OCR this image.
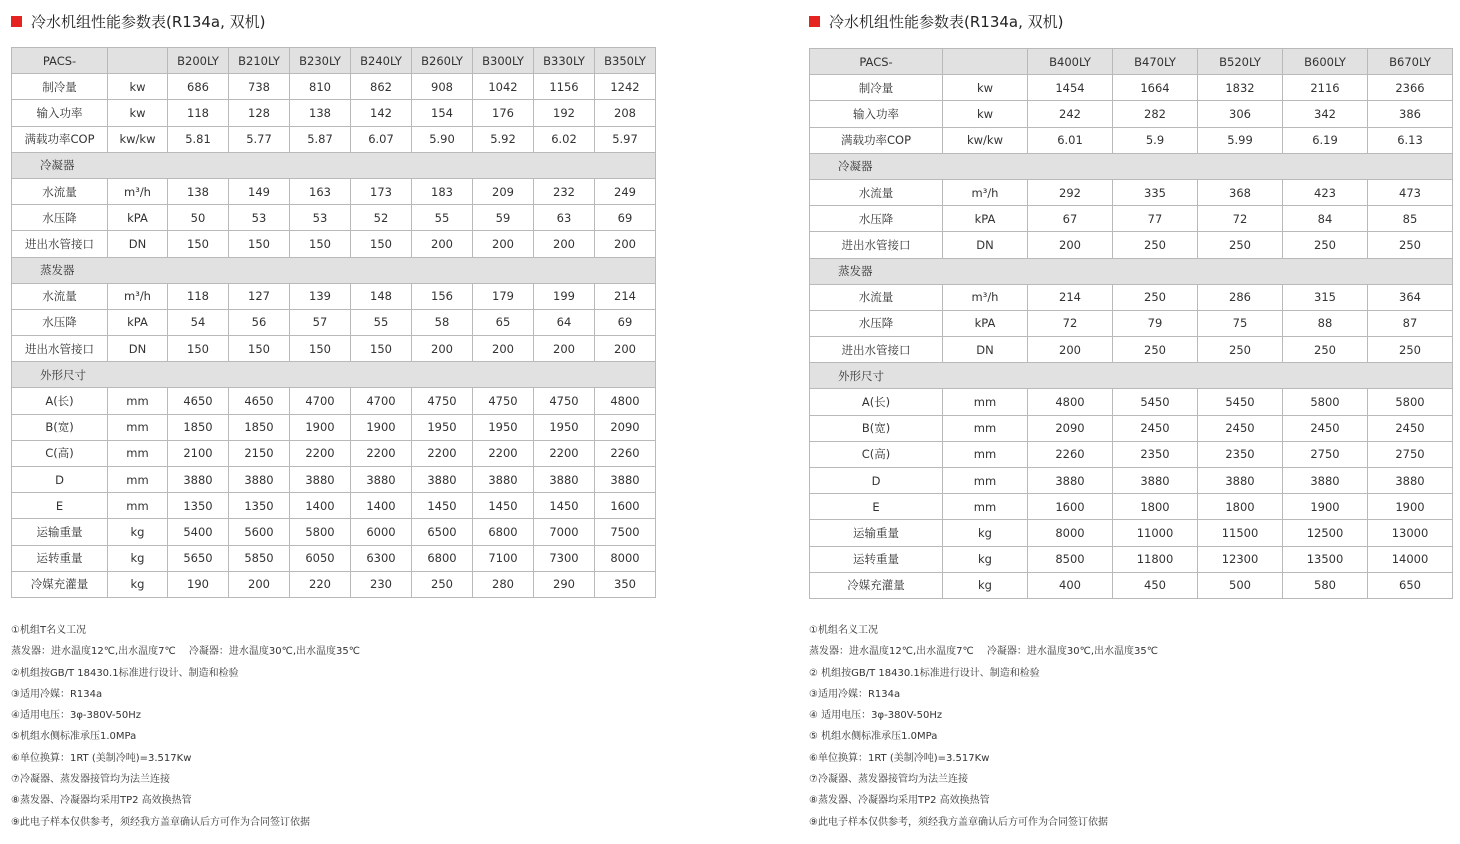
冷水机组性能参数表(R134a, 双机)
PACS-		B200LY	B210LY	B230LY	B240LY	B260LY	B300LY	B330LY	B350LY
制冷量	kw	686	738	810	862	908	1042	1156	1242
输入功率	kw	118	128	138	142	154	176	192	208
满载功率COP	kw/kw	5.81	5.77	5.87	6.07	5.90	5.92	6.02	5.97
冷凝器									
水流量	m³/h	138	149	163	173	183	209	232	249
水压降	kPA	50	53	53	52	55	59	63	69
进出水管接口	DN	150	150	150	150	200	200	200	200
蒸发器									
水流量	m³/h	118	127	139	148	156	179	199	214
水压降	kPA	54	56	57	55	58	65	64	69
进出水管接口	DN	150	150	150	150	200	200	200	200
外形尺寸									
A(长)	mm	4650	4650	4700	4700	4750	4750	4750	4800
B(宽)	mm	1850	1850	1900	1900	1950	1950	1950	2090
C(高)	mm	2100	2150	2200	2200	2200	2200	2200	2260
D	mm	3880	3880	3880	3880	3880	3880	3880	3880
E	mm	1350	1350	1400	1400	1450	1450	1450	1600
运输重量	kg	5400	5600	5800	6000	6500	6800	7000	7500
运转重量	kg	5650	5850	6050	6300	6800	7100	7300	8000
冷媒充灌量	kg	190	200	220	230	250	280	290	350
①机组T名义工况
蒸发器：进水温度12℃,出水温度7℃　 冷凝器：进水温度30℃,出水温度35℃
②机组按GB/T 18430.1标准进行设计、制造和检验
③适用冷媒：R134a
④适用电压：3φ-380V-50Hz
⑤机组水侧标准承压1.0MPa
⑥单位换算：1RT (美制冷吨)=3.517Kw
⑦冷凝器、蒸发器接管均为法兰连接
⑧蒸发器、冷凝器均采用TP2 高效换热管
⑨此电子样本仅供参考，须经我方盖章确认后方可作为合同签订依据
冷水机组性能参数表(R134a, 双机)
PACS-		B400LY	B470LY	B520LY	B600LY	B670LY
制冷量	kw	1454	1664	1832	2116	2366
输入功率	kw	242	282	306	342	386
满载功率COP	kw/kw	6.01	5.9	5.99	6.19	6.13
冷凝器						
水流量	m³/h	292	335	368	423	473
水压降	kPA	67	77	72	84	85
进出水管接口	DN	200	250	250	250	250
蒸发器						
水流量	m³/h	214	250	286	315	364
水压降	kPA	72	79	75	88	87
进出水管接口	DN	200	250	250	250	250
外形尺寸						
A(长)	mm	4800	5450	5450	5800	5800
B(宽)	mm	2090	2450	2450	2450	2450
C(高)	mm	2260	2350	2350	2750	2750
D	mm	3880	3880	3880	3880	3880
E	mm	1600	1800	1800	1900	1900
运输重量	kg	8000	11000	11500	12500	13000
运转重量	kg	8500	11800	12300	13500	14000
冷媒充灌量	kg	400	450	500	580	650
①机组名义工况
蒸发器：进水温度12℃,出水温度7℃　 冷凝器：进水温度30℃,出水温度35℃
② 机组按GB/T 18430.1标准进行设计、制造和检验
③适用冷媒：R134a
④ 适用电压：3φ-380V-50Hz
⑤ 机组水侧标准承压1.0MPa
⑥单位换算：1RT (美制冷吨)=3.517Kw
⑦冷凝器、蒸发器接管均为法兰连接
⑧蒸发器、冷凝器均采用TP2 高效换热管
⑨此电子样本仅供参考，须经我方盖章确认后方可作为合同签订依据
